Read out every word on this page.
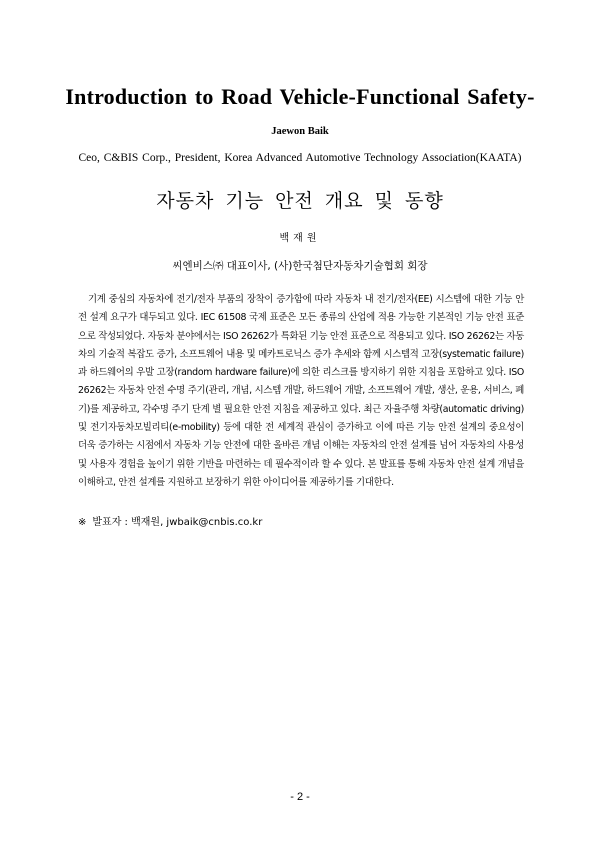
Introduction to Road Vehicle-Functional Safety-
Jaewon Baik
Ceo, C&BIS Corp., President, Korea Advanced Automotive Technology Association(KAATA)
자동차 기능 안전 개요 및 동향
백재원
씨엔비스㈜ 대표이사, (사)한국첨단자동차기술협회 회장

기계 중심의 자동차에 전기/전자 부품의 장착이 증가함에 따라 자동차 내 전기/전자(EE) 시스템에 대한 기능 안전 설계 요구가 대두되고 있다. IEC 61508 국제 표준은 모든 종류의 산업에 적용 가능한 기본적인 기능 안전 표준으로 작성되었다. 자동차 분야에서는 ISO 26262가 특화된 기능 안전 표준으로 적용되고 있다. ISO 26262는 자동차의 기술적 복잡도 증가, 소프트웨어 내용 및 메카트로닉스 증가 추세와 함께 시스템적 고장(systematic failure)과 하드웨어의 우발 고장(random hardware failure)에 의한 리스크를 방지하기 위한 지침을 포함하고 있다. ISO 26262는 자동차 안전 수명 주기(관리, 개념, 시스템 개발, 하드웨어 개발, 소프트웨어 개발, 생산, 운용, 서비스, 폐기)를 제공하고, 각수명 주기 단계 별 필요한 안전 지침을 제공하고 있다. 최근 자율주행 차량(automatic driving) 및 전기자동차모빌리티(e-mobility) 등에 대한 전 세계적 관심이 증가하고 이에 따른 기능 안전 설계의 중요성이 더욱 증가하는 시점에서 자동차 기능 안전에 대한 올바른 개념 이해는 자동차의 안전 설계를 넘어 자동차의 사용성 및 사용자 경험을 높이기 위한 기반을 마련하는 데 필수적이라 할 수 있다. 본 발표를 통해 자동차 안전 설계 개념을 이해하고, 안전 설계를 지원하고 보장하기 위한 아이디어를 제공하기를 기대한다.

※ 발표자 : 백재원, jwbaik@cnbis.co.kr
- 2 -
